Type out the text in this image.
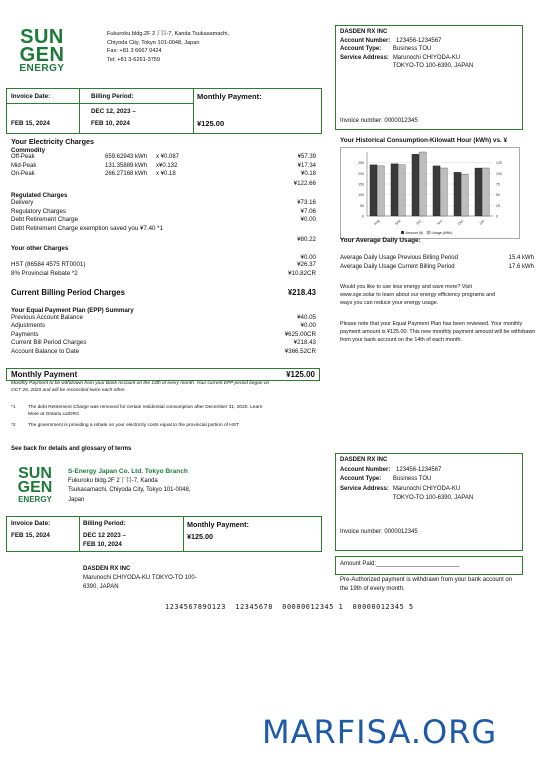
SUN
GEN
ENERGY
Fukuroku bldg.2F 2丁目-7, Kanda Tsukasamachi,
Chiyoda City, Tokyo 101-0048, Japan
Fax: +81 3 6667 0424
Tel: +81 3-6261-3759
DASDEN RX INC
Account Number: 123456-1234567
Account Type: Business TOU
Service Address: Marunochi CHIYODA-KU
TOKYO-TO 100-6390, JAPAN
Invoice number: 0000012345
Invoice Date:
FEB 15, 2024
Billing Period:
DEC 12, 2023 –
FEB 10, 2024
Monthly Payment:
¥125.00
Your Electricity Charges
Commodity
Off-Peak	659.62943 kWh x ¥0.087	¥57.39
Mid-Peak	131.35889 kWh x¥0.132	¥17.34
On-Peak	266.27168 kWh x ¥0.18	¥0.18
¥122.66
Regulated Charges
Delivery	¥73.16
Regulatory Charges	¥7.06
Debt Retirement Charge	¥0.00
Debt Retirement Charge exemption saved you ¥7.40 *1
¥80.22
Your other Charges
¥0.00
HST (86584 4575 RT0001)	¥26.37
8% Provincial Rebate *2	¥10.82CR
Current Billing Period Charges	¥218.43
Your Equal Payment Plan (EPP) Summary
Previous Account Balance	¥40.05
Adjustments	¥0.00
Payments	¥625.00CR
Current Bill Period Charges	¥218.43
Account Balance to Date	¥366.52CR
Monthly Payment	¥125.00
Monthly Payment to be withdrawn from your Bank Account on the 14th of every month. Your current EPP period began on OCT 28, 2020 and will be reconciled twice each other.
*1	The debt Retirement Charge was removed for certain residential consumption after December 31, 2020. Learn More at Ontario.ca/DRC
*2	The government is providing a rebate on your electricity costs equal to the provincial portion of HST
See back for details and glossary of terms
Your Historical Consumption-Kilowatt Hour (kWh) vs. ¥
0	0
50	25
100	50
150	75
200	100
250	125
Aug	Sep	Oct	Nov	Dec	Jan
Amount (¥) Usage (kWh)
Your Average Daily Usage:
Average Daily Usage Previous Billing Period	15.4 kWh
Average Daily Usage Current Billing Period	17.6 kWh
Would you like to use less energy and save more? Visit www.sge.solar to learn about our energy efficiency programs and ways you can reduce your energy usage.
Please note that your Equal Payment Plan has been reviewed. Your monthly payment amount is ¥125.00. This new monthly payment amount will be withdrawn from your bank account on the 14th of each month.
SUN
GEN
ENERGY
S-Energy Japan Co. Ltd. Tokyo Branch
Fukuroku bldg.2F 2丁目-7, Kanda
Tsukasamachi, Chiyoda City, Tokyo 101-0048,
Japan
DASDEN RX INC
Account Number: 123456-1234567
Account Type: Business TOU
Service Address: Marunochi CHIYODA-KU
TOKYO-TO 100-6390, JAPAN
Invoice number: 0000012345
Invoice Date:
FEB 15, 2024
Billing Period:
DEC 12 2023 –
FEB 10, 2024
Monthly Payment:
¥125.00
DASDEN RX INC
Marunochi CHIYODA-KU TOKYO-TO 100-
6390, JAPAN
Amount Paid:_________________________
Pre-Authorized payment is withdrawn from your bank account on the 19th of every month.
123456789O123  12345678  00000012345 1  00000012345 5
MARFISA.ORG
